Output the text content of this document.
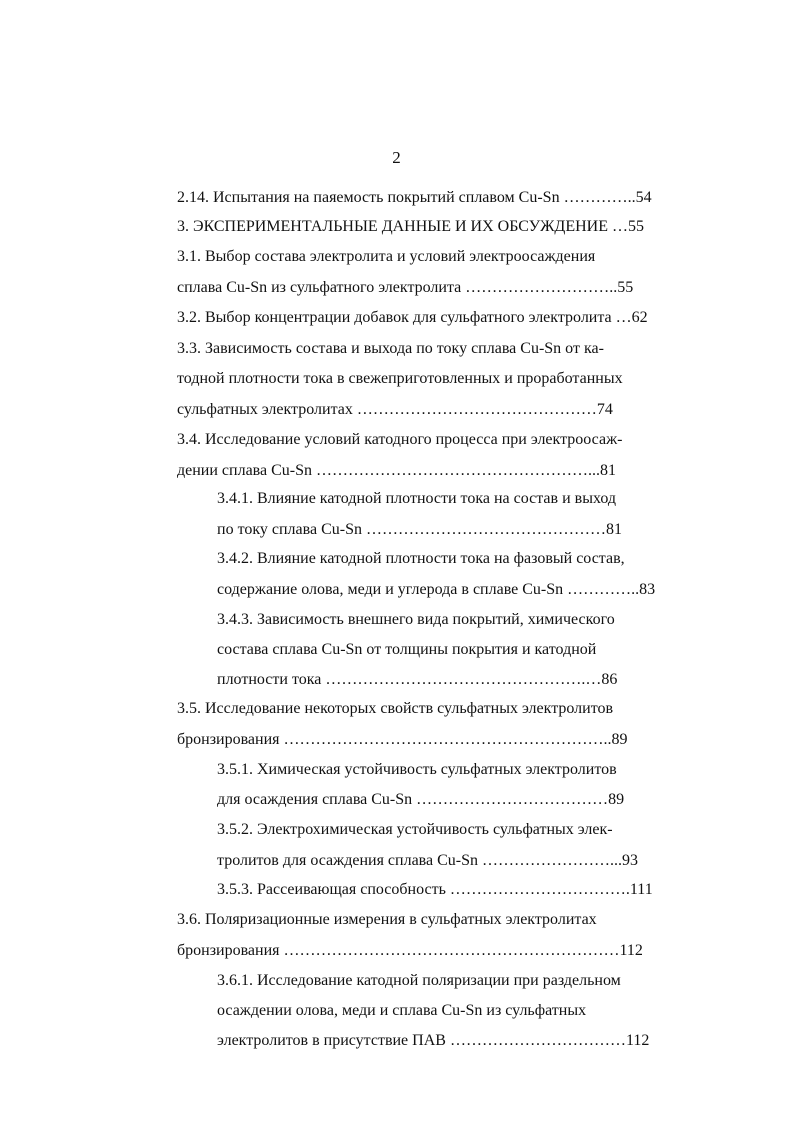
2
2.14. Испытания на паяемость покрытий сплавом Cu-Sn …………..54
3. ЭКСПЕРИМЕНТАЛЬНЫЕ ДАННЫЕ И ИХ ОБСУЖДЕНИЕ …55
3.1. Выбор состава электролита и условий электроосаждения
сплава Cu-Sn из сульфатного электролита ………………………..55
3.2. Выбор концентрации добавок для сульфатного электролита …62
3.3. Зависимость состава и выхода по току сплава Cu-Sn от ка-
тодной плотности тока в свежеприготовленных и проработанных
сульфатных электролитах ………………………………………74
3.4. Исследование условий катодного процесса при электроосаж-
дении сплава Cu-Sn ……………………………………………...81
3.4.1. Влияние катодной плотности тока на состав и выход
по току сплава Cu-Sn ………………………………………81
3.4.2. Влияние катодной плотности тока на фазовый состав,
содержание олова, меди и углерода в сплаве Cu-Sn …………..83
3.4.3. Зависимость внешнего вида покрытий, химического
состава сплава Cu-Sn от толщины покрытия и катодной
плотности тока ………………………………………….…86
3.5. Исследование некоторых свойств сульфатных электролитов
бронзирования ……………………………………………………..89
3.5.1. Химическая устойчивость сульфатных электролитов
для осаждения сплава Cu-Sn ………………………………89
3.5.2. Электрохимическая устойчивость сульфатных элек-
тролитов для осаждения сплава Cu-Sn ……………………...93
3.5.3. Рассеивающая способность …………………………….111
3.6. Поляризационные измерения в сульфатных электролитах
бронзирования ………………………………………………………112
3.6.1. Исследование катодной поляризации при раздельном
осаждении олова, меди и сплава Cu-Sn из сульфатных
электролитов в присутствие ПАВ ……………………………112
